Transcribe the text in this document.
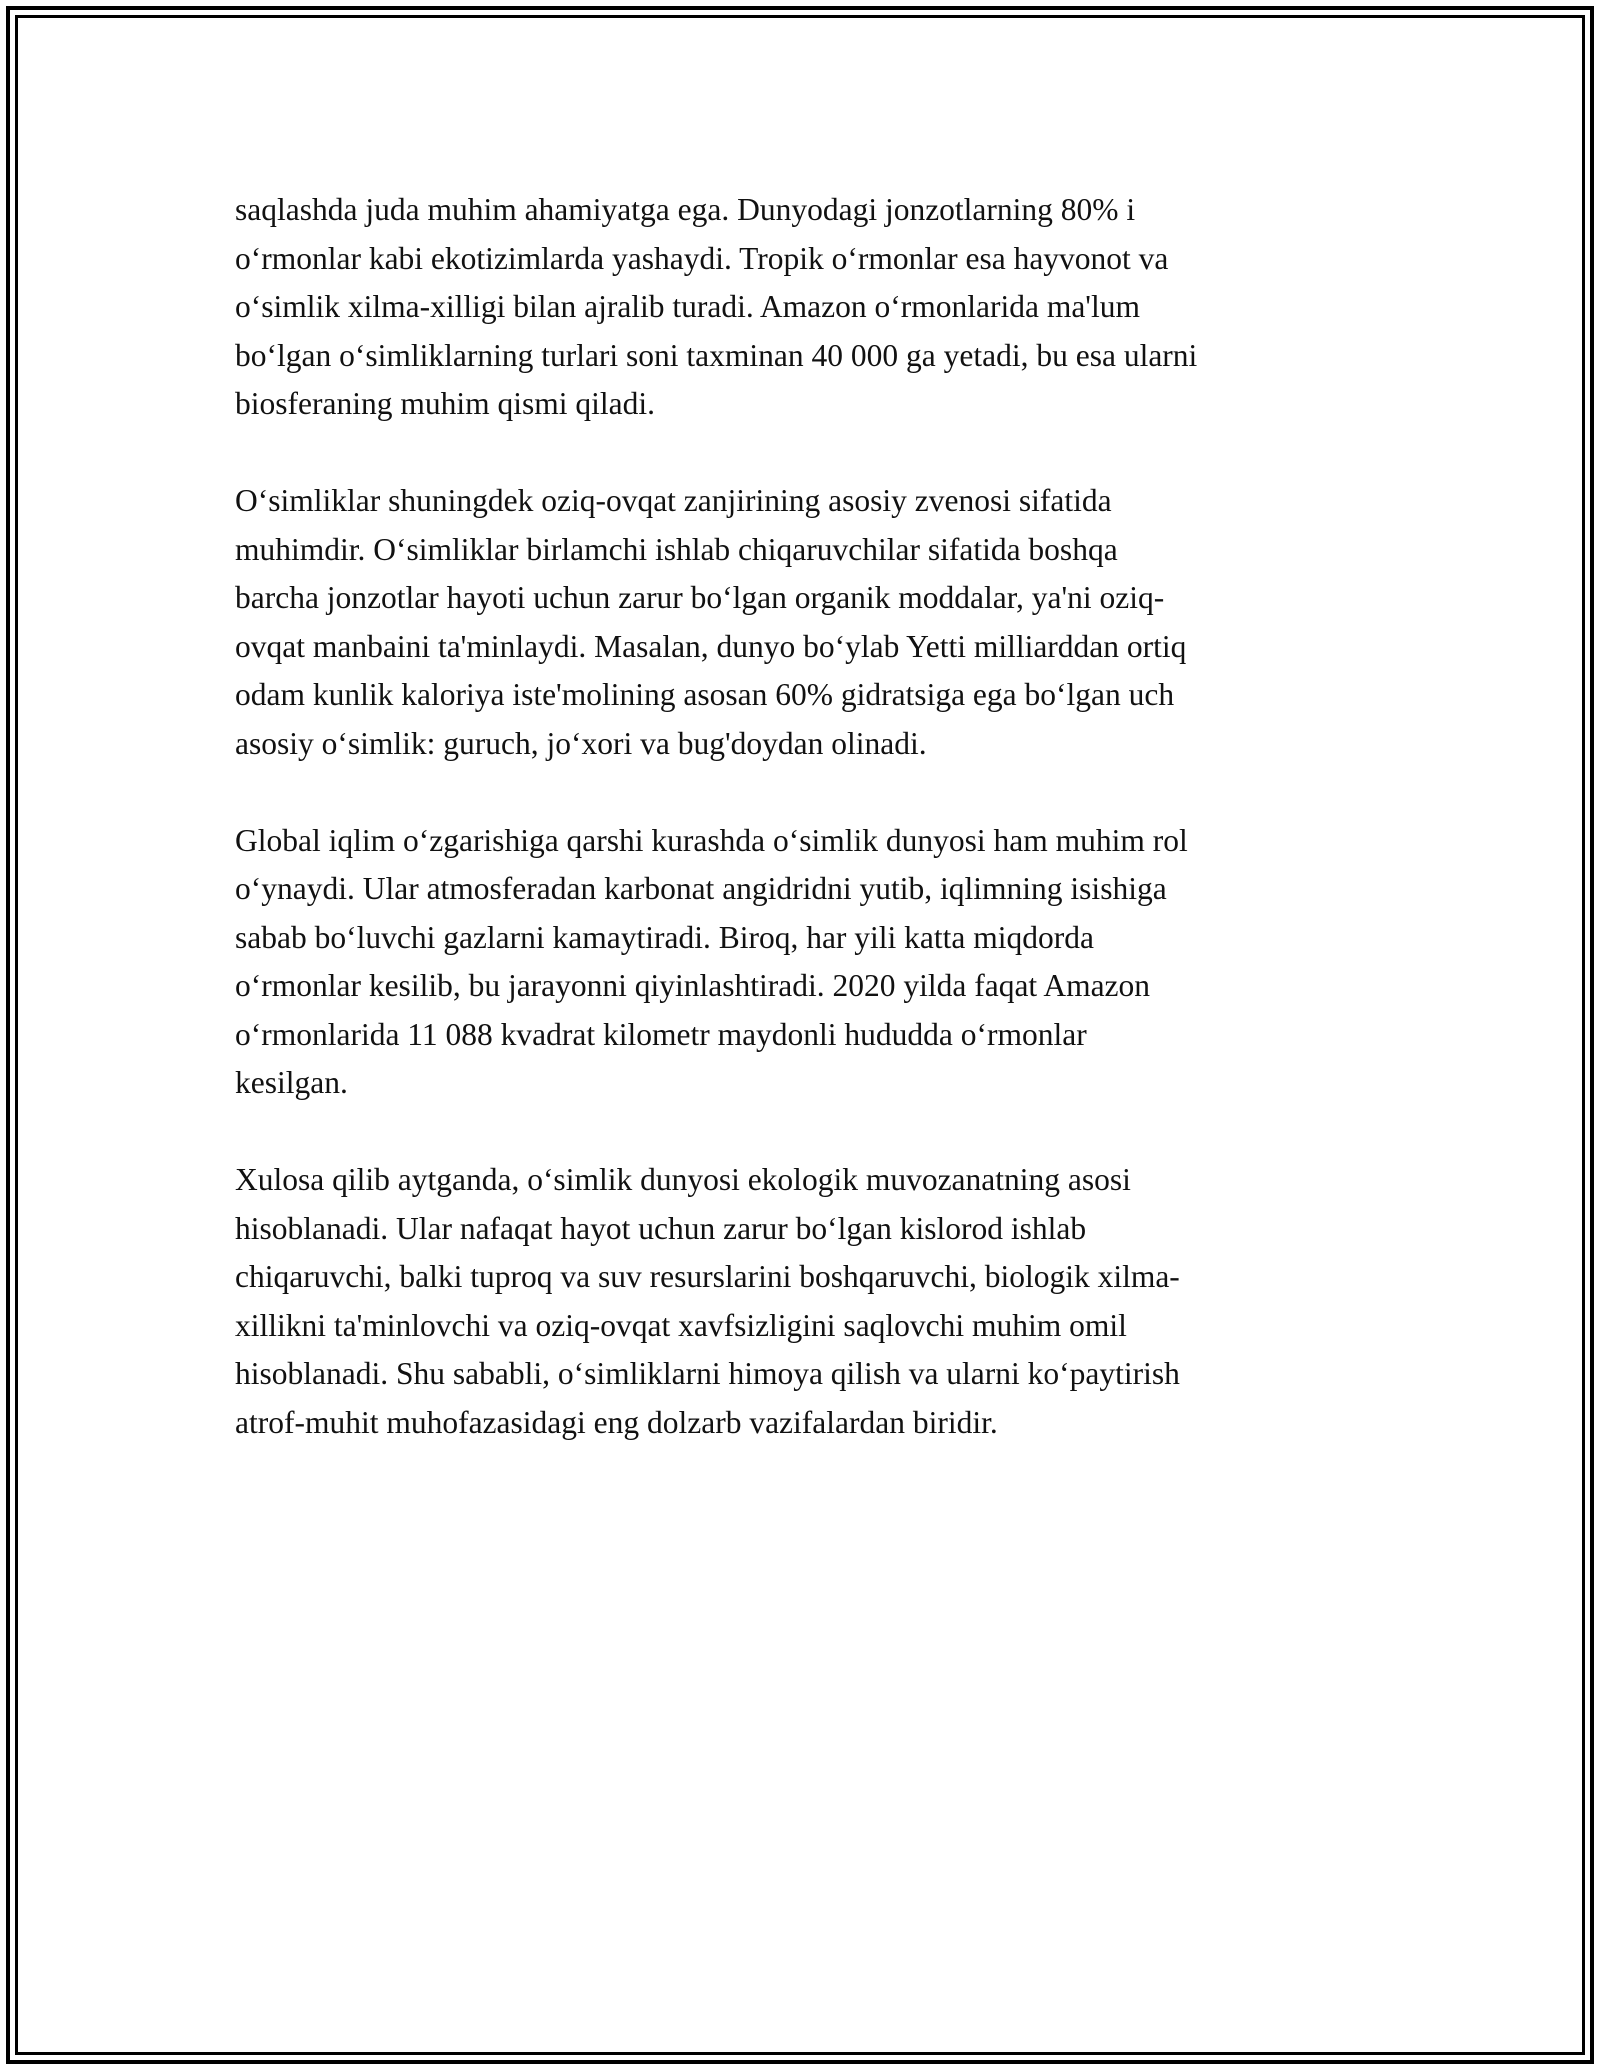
saqlashda juda muhim ahamiyatga ega. Dunyodagi jonzotlarning 80% i
o‘rmonlar kabi ekotizimlarda yashaydi. Tropik o‘rmonlar esa hayvonot va
o‘simlik xilma-xilligi bilan ajralib turadi. Amazon o‘rmonlarida ma'lum
bo‘lgan o‘simliklarning turlari soni taxminan 40 000 ga yetadi, bu esa ularni
biosferaning muhim qismi qiladi.

O‘simliklar shuningdek oziq-ovqat zanjirining asosiy zvenosi sifatida
muhimdir. O‘simliklar birlamchi ishlab chiqaruvchilar sifatida boshqa
barcha jonzotlar hayoti uchun zarur bo‘lgan organik moddalar, ya'ni oziq-
ovqat manbaini ta'minlaydi. Masalan, dunyo bo‘ylab Yetti milliarddan ortiq
odam kunlik kaloriya iste'molining asosan 60% gidratsiga ega bo‘lgan uch
asosiy o‘simlik: guruch, jo‘xori va bug'doydan olinadi.

Global iqlim o‘zgarishiga qarshi kurashda o‘simlik dunyosi ham muhim rol
o‘ynaydi. Ular atmosferadan karbonat angidridni yutib, iqlimning isishiga
sabab bo‘luvchi gazlarni kamaytiradi. Biroq, har yili katta miqdorda
o‘rmonlar kesilib, bu jarayonni qiyinlashtiradi. 2020 yilda faqat Amazon
o‘rmonlarida 11 088 kvadrat kilometr maydonli hududda o‘rmonlar
kesilgan.

Xulosa qilib aytganda, o‘simlik dunyosi ekologik muvozanatning asosi
hisoblanadi. Ular nafaqat hayot uchun zarur bo‘lgan kislorod ishlab
chiqaruvchi, balki tuproq va suv resurslarini boshqaruvchi, biologik xilma-
xillikni ta'minlovchi va oziq-ovqat xavfsizligini saqlovchi muhim omil
hisoblanadi. Shu sababli, o‘simliklarni himoya qilish va ularni ko‘paytirish
atrof-muhit muhofazasidagi eng dolzarb vazifalardan biridir.
